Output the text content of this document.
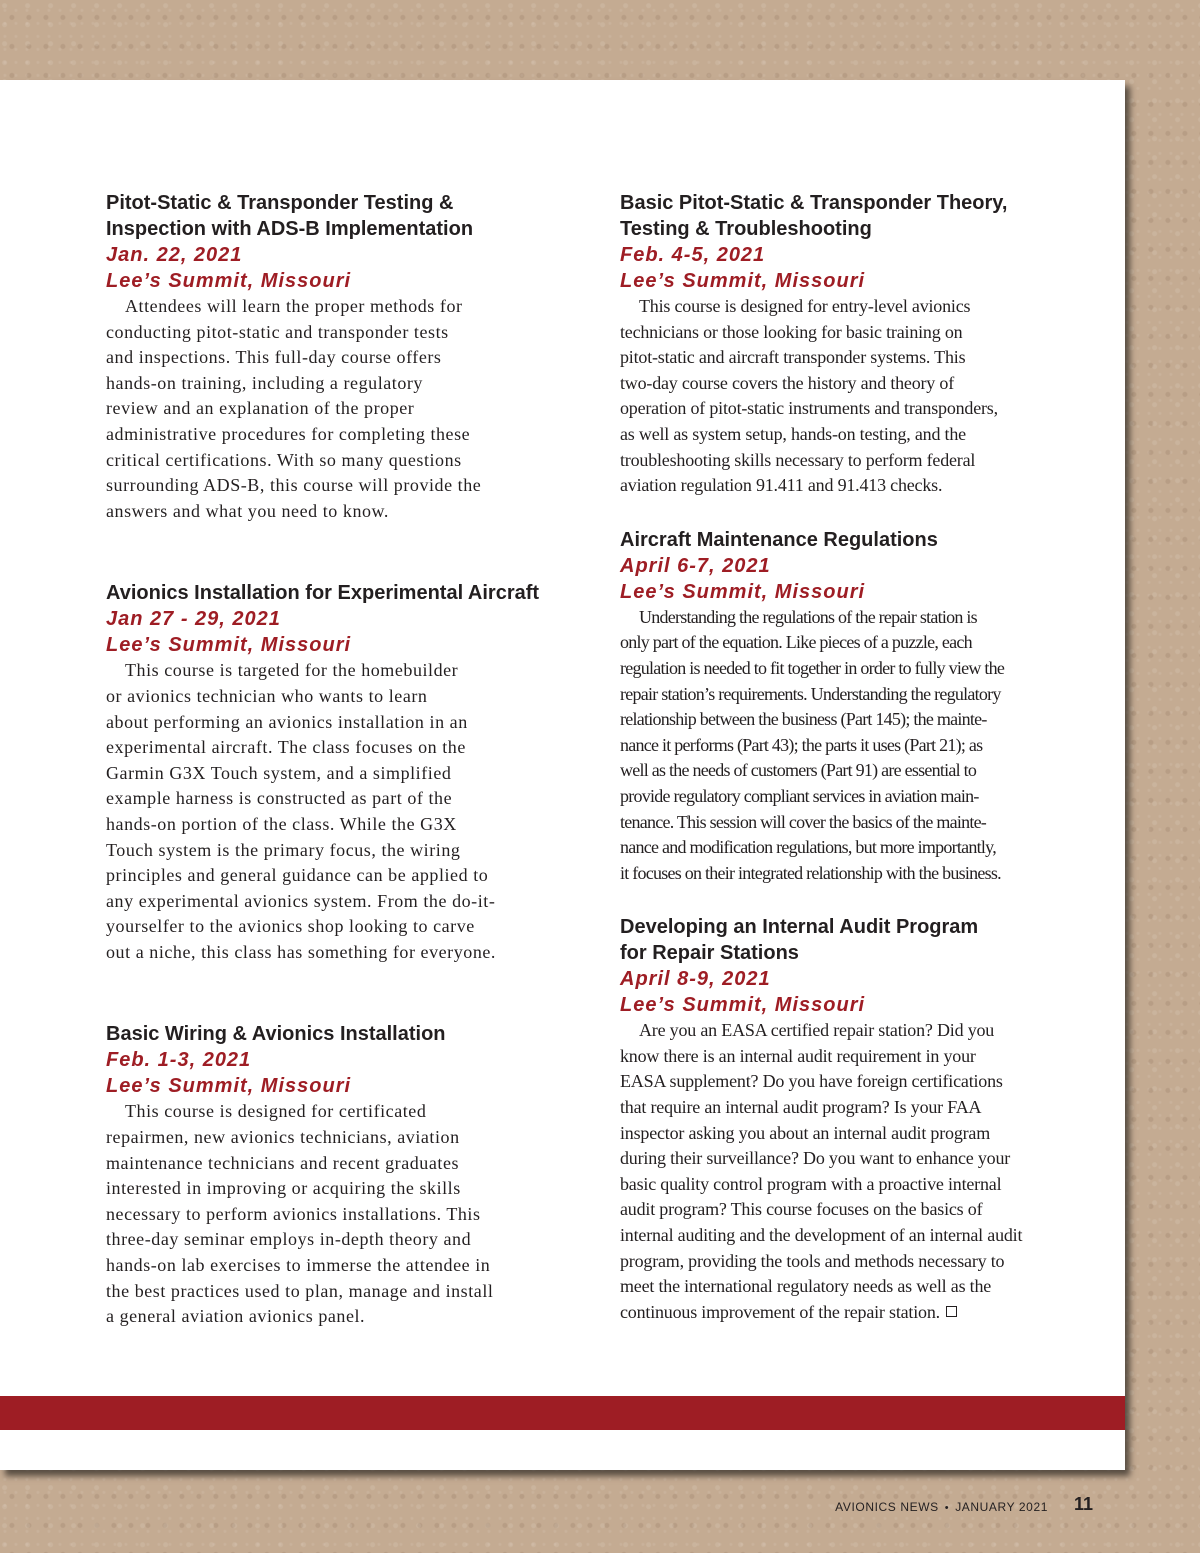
Pitot-Static & Transponder Testing &
Inspection with ADS-B Implementation

Jan. 22, 2021
Lee’s Summit, Missouri

Attendees will learn the proper methods for
conducting pitot-static and transponder tests
and inspections. This full-day course offers
hands-on training, including a regulatory
review and an explanation of the proper
administrative procedures for completing these
critical certifications. With so many questions
surrounding ADS-B, this course will provide the
answers and what you need to know.

Avionics Installation for Experimental Aircraft

Jan 27 - 29, 2021
Lee’s Summit, Missouri

This course is targeted for the homebuilder
or avionics technician who wants to learn
about performing an avionics installation in an
experimental aircraft. The class focuses on the
Garmin G3X Touch system, and a simplified
example harness is constructed as part of the
hands-on portion of the class. While the G3X
Touch system is the primary focus, the wiring
principles and general guidance can be applied to
any experimental avionics system. From the do-it-
yourselfer to the avionics shop looking to carve
out a niche, this class has something for everyone.

Basic Wiring & Avionics Installation

Feb. 1-3, 2021
Lee’s Summit, Missouri

This course is designed for certificated
repairmen, new avionics technicians, aviation
maintenance technicians and recent graduates
interested in improving or acquiring the skills
necessary to perform avionics installations. This
three-day seminar employs in-depth theory and
hands-on lab exercises to immerse the attendee in
the best practices used to plan, manage and install
a general aviation avionics panel.

Basic Pitot-Static & Transponder Theory,
Testing & Troubleshooting

Feb. 4-5, 2021
Lee’s Summit, Missouri

This course is designed for entry-level avionics
technicians or those looking for basic training on
pitot-static and aircraft transponder systems. This
two-day course covers the history and theory of
operation of pitot-static instruments and transponders,
as well as system setup, hands-on testing, and the
troubleshooting skills necessary to perform federal
aviation regulation 91.411 and 91.413 checks.

Aircraft Maintenance Regulations

April 6-7, 2021
Lee’s Summit, Missouri

Understanding the regulations of the repair station is
only part of the equation. Like pieces of a puzzle, each
regulation is needed to fit together in order to fully view the
repair station’s requirements. Understanding the regulatory
relationship between the business (Part 145); the mainte-
nance it performs (Part 43); the parts it uses (Part 21); as
well as the needs of customers (Part 91) are essential to
provide regulatory compliant services in aviation main-
tenance. This session will cover the basics of the mainte-
nance and modification regulations, but more importantly,
it focuses on their integrated relationship with the business.

Developing an Internal Audit Program
for Repair Stations

April 8-9, 2021
Lee’s Summit, Missouri

Are you an EASA certified repair station? Did you
know there is an internal audit requirement in your
EASA supplement? Do you have foreign certifications
that require an internal audit program? Is your FAA
inspector asking you about an internal audit program
during their surveillance? Do you want to enhance your
basic quality control program with a proactive internal
audit program? This course focuses on the basics of
internal auditing and the development of an internal audit
program, providing the tools and methods necessary to
meet the international regulatory needs as well as the
continuous improvement of the repair station.

AVIONICS NEWS • JANUARY 2021 11
